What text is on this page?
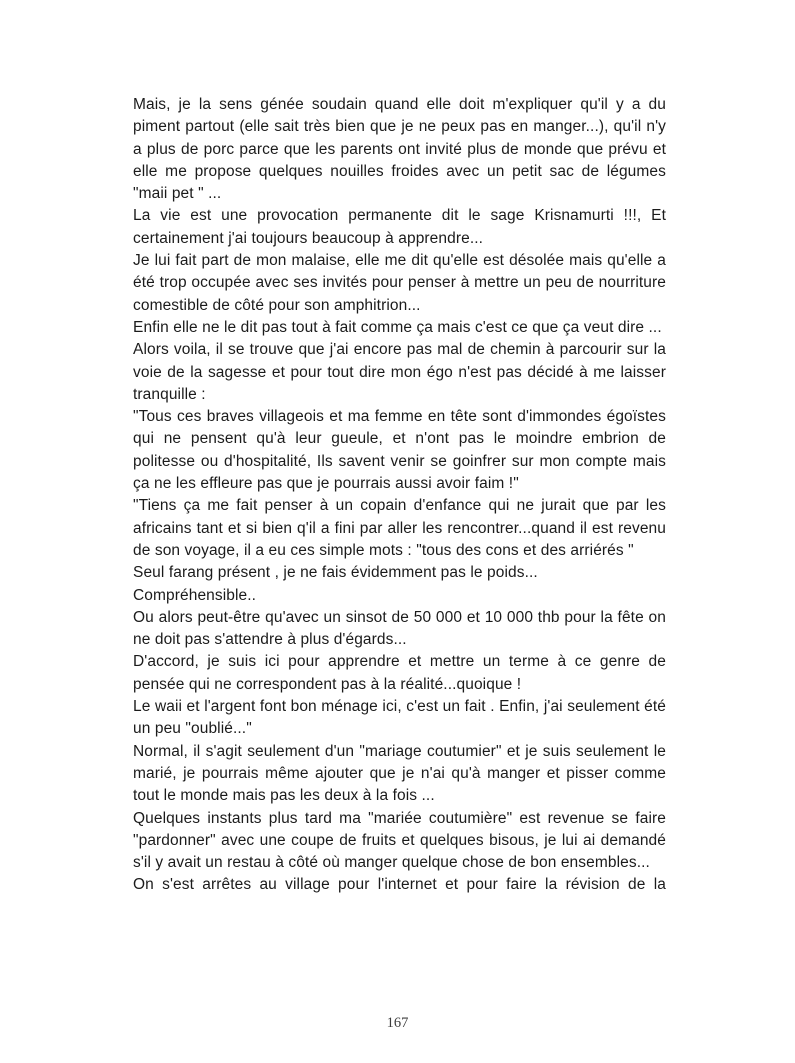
Mais, je la sens génée soudain quand elle doit m'expliquer qu'il y a du piment partout (elle sait très bien que je ne peux pas en manger...), qu'il n'y a plus de porc parce que les parents ont invité plus de monde que prévu et elle me propose quelques nouilles froides avec un petit sac de légumes "maii pet " ...

La vie est une provocation permanente dit le sage Krisnamurti !!!, Et certainement j'ai toujours beaucoup à apprendre...

Je lui fait part de mon malaise, elle me dit qu'elle est désolée mais qu'elle a été trop occupée avec ses invités pour penser à mettre un peu de nourriture comestible de côté pour son amphitrion...

Enfin elle ne le dit pas tout à fait comme ça mais c'est ce que ça veut dire ...

Alors voila, il se trouve que j'ai encore pas mal de chemin à parcourir sur la voie de la sagesse et pour tout dire mon égo n'est pas décidé à me laisser tranquille :

"Tous ces braves villageois et ma femme en tête sont d'immondes égoïstes qui ne pensent qu'à leur gueule, et n'ont pas le moindre embrion de politesse ou d'hospitalité, Ils savent venir se goinfrer sur mon compte mais ça ne les effleure pas que je pourrais aussi avoir faim !"

"Tiens ça me fait penser à un copain d'enfance qui ne jurait que par les africains tant et si bien q'il a fini par aller les rencontrer...quand il est revenu de son voyage, il a eu ces simple mots : "tous des cons et des arriérés "

Seul farang présent , je ne fais évidemment pas le poids...

Compréhensible..

Ou alors peut-être qu'avec un sinsot de 50 000 et 10 000 thb pour la fête on ne doit pas s'attendre à plus d'égards...

D'accord, je suis ici pour apprendre et mettre un terme à ce genre de pensée qui ne correspondent pas à la réalité...quoique !

Le waii et l'argent font bon ménage ici, c'est un fait . Enfin, j'ai seulement été un peu "oublié..."

Normal, il s'agit seulement d'un "mariage coutumier" et je suis seulement le marié, je pourrais même ajouter que je n'ai qu'à manger et pisser comme tout le monde mais pas les deux à la fois ...

Quelques instants plus tard ma "mariée coutumière" est revenue se faire "pardonner" avec une coupe de fruits et quelques bisous, je lui ai demandé s'il y avait un restau à côté où manger quelque chose de bon ensembles...

On s'est arrêtes au village pour l'internet et pour faire la révision de la

167
